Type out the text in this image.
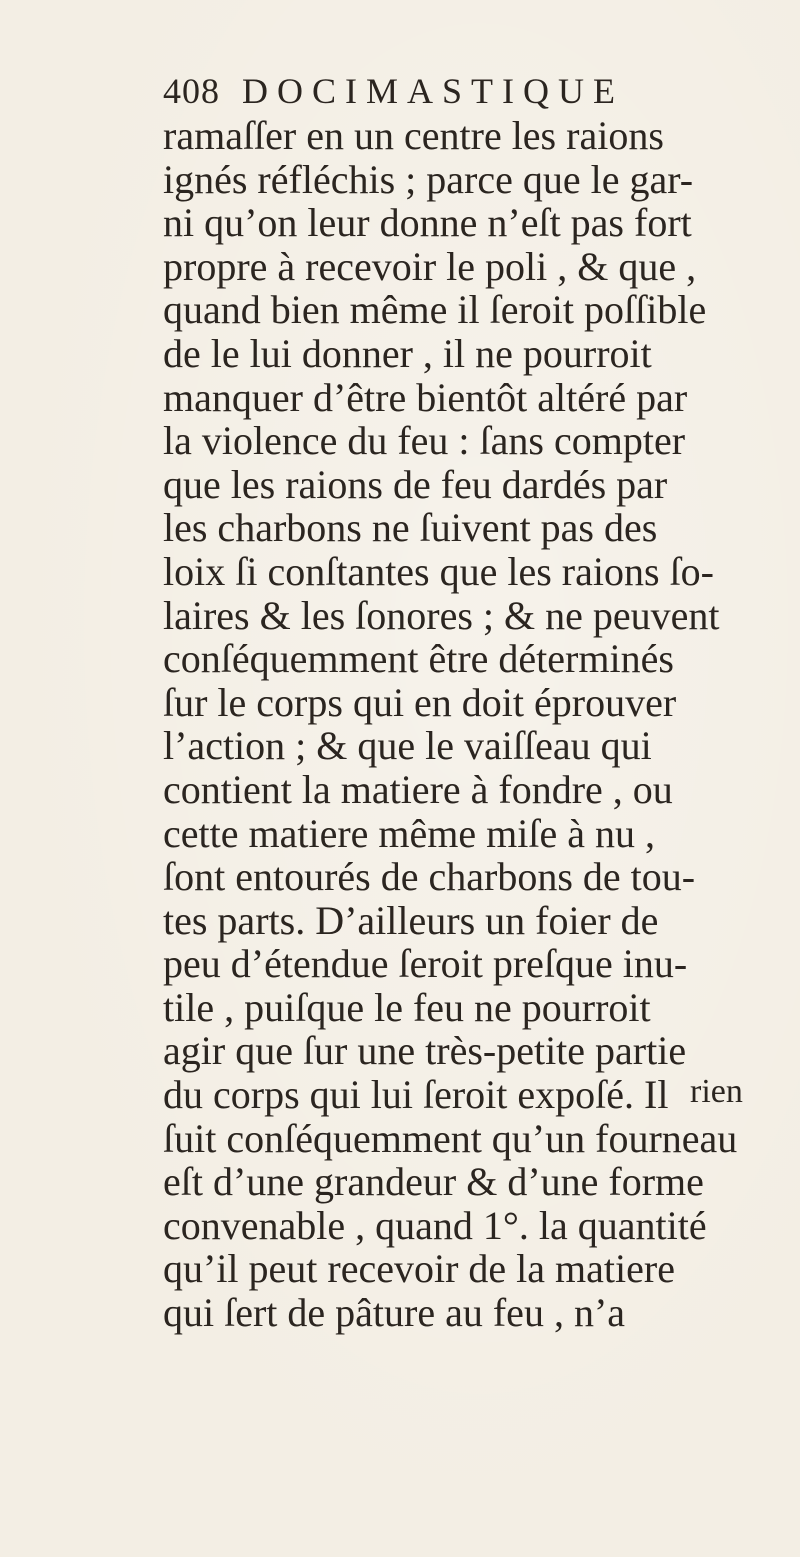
408 DOCIMASTIQUE
ramaſſer en un centre les raions
ignés réfléchis ; parce que le gar-
ni qu’on leur donne n’eſt pas fort
propre à recevoir le poli , & que ,
quand bien même il ſeroit poſſible
de le lui donner , il ne pourroit
manquer d’être bientôt altéré par
la violence du feu : ſans compter
que les raions de feu dardés par
les charbons ne ſuivent pas des
loix ſi conſtantes que les raions ſo-
laires & les ſonores ; & ne peuvent
conſéquemment être déterminés
ſur le corps qui en doit éprouver
l’action ; & que le vaiſſeau qui
contient la matiere à fondre , ou
cette matiere même miſe à nu ,
ſont entourés de charbons de tou-
tes parts. D’ailleurs un foier de
peu d’étendue ſeroit preſque inu-
tile , puiſque le feu ne pourroit
agir que ſur une très-petite partie
du corps qui lui ſeroit expoſé. Il
ſuit conſéquemment qu’un fourneau
eſt d’une grandeur & d’une forme
convenable , quand 1°. la quantité
qu’il peut recevoir de la matiere
qui ſert de pâture au feu , n’a
rien
